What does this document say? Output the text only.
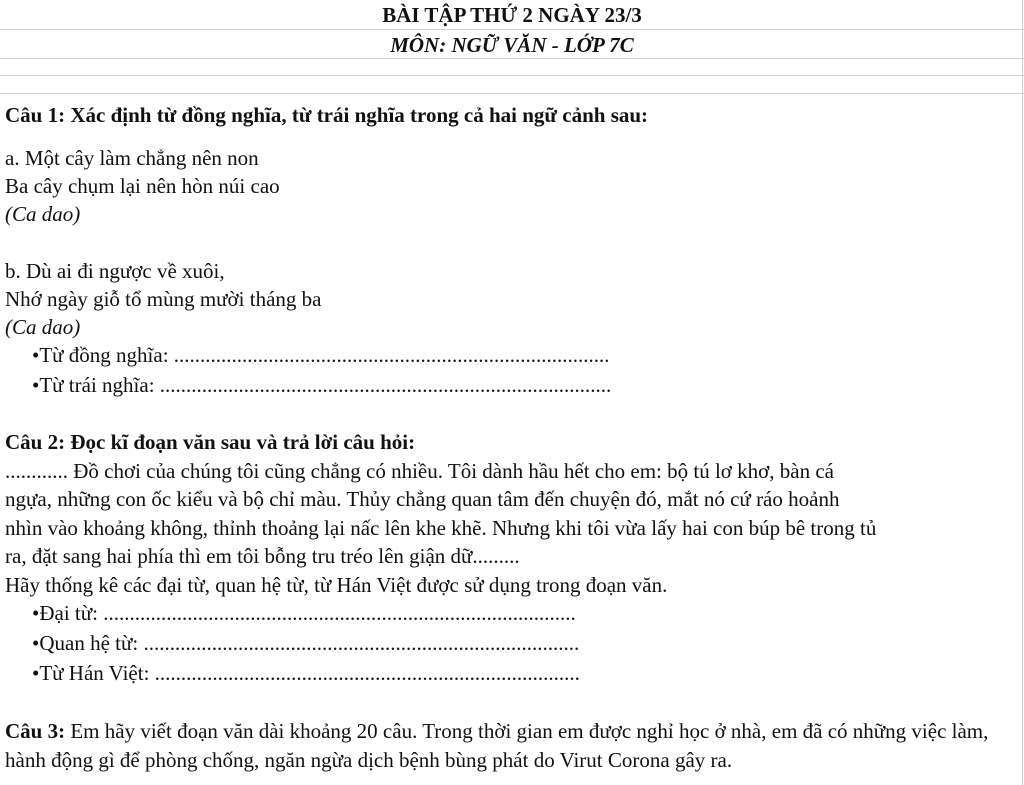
BÀI TẬP THỨ 2 NGÀY 23/3
MÔN: NGỮ VĂN - LỚP 7C
Câu 1: Xác định từ đồng nghĩa, từ trái nghĩa trong cả hai ngữ cảnh sau:
a. Một cây làm chẳng nên non
Ba cây chụm lại nên hòn núi cao
(Ca dao)
b. Dù ai đi ngược về xuôi,
Nhớ ngày giỗ tổ mùng mười tháng ba
(Ca dao)
•Từ đồng nghĩa: ...................................................................................
•Từ trái nghĩa: ......................................................................................
Câu 2: Đọc kĩ đoạn văn sau và trả lời câu hỏi:
............ Đồ chơi của chúng tôi cũng chẳng có nhiều. Tôi dành hầu hết cho em: bộ tú lơ khơ, bàn cá
ngựa, những con ốc kiểu và bộ chỉ màu. Thủy chẳng quan tâm đến chuyện đó, mắt nó cứ ráo hoảnh
nhìn vào khoảng không, thỉnh thoảng lại nấc lên khe khẽ. Nhưng khi tôi vừa lấy hai con búp bê trong tủ
ra, đặt sang hai phía thì em tôi bỗng tru tréo lên giận dữ.........
Hãy thống kê các đại từ, quan hệ từ, từ Hán Việt được sử dụng trong đoạn văn.
•Đại từ: ..........................................................................................
•Quan hệ từ: ...................................................................................
•Từ Hán Việt: .................................................................................
Câu 3: Em hãy viết đoạn văn dài khoảng 20 câu. Trong thời gian em được nghỉ học ở nhà, em đã có những việc làm, hành động gì để phòng chống, ngăn ngừa dịch bệnh bùng phát do Virut Corona gây ra.
